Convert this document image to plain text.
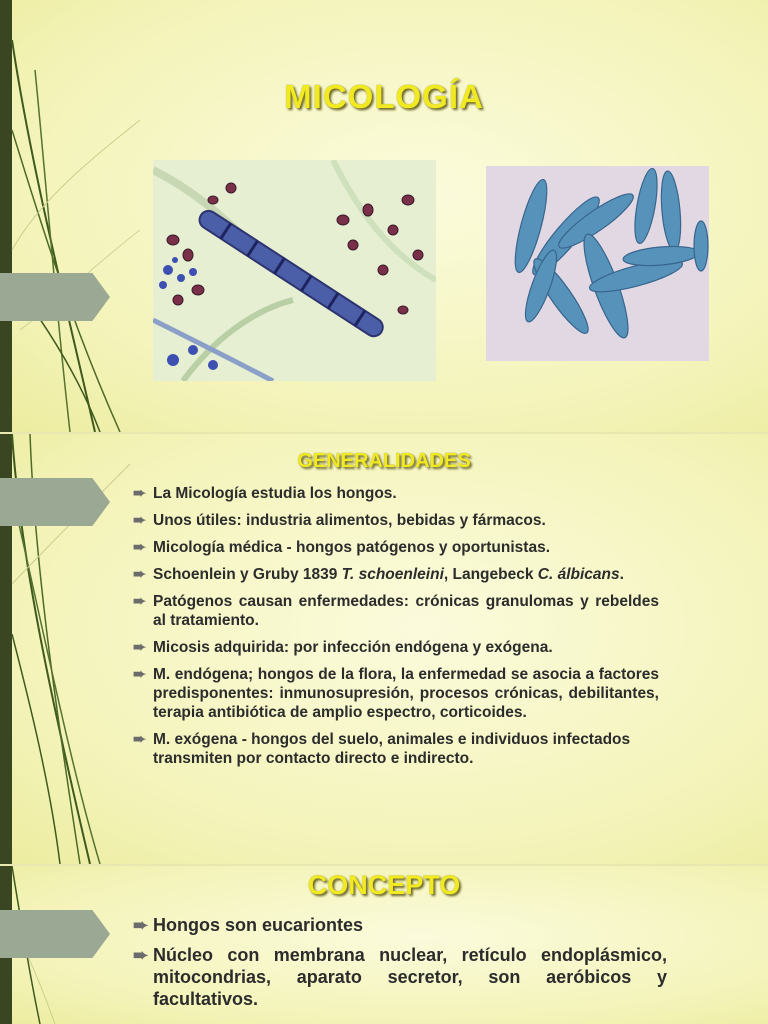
MICOLOGÍA
GENERALIDADES
➨ La Micología estudia los hongos.
➨ Unos útiles: industria alimentos, bebidas y fármacos.
➨ Micología médica - hongos patógenos y oportunistas.
➨ Schoenlein y Gruby 1839 T. schoenleini, Langebeck C. álbicans.
➨ Patógenos causan enfermedades: crónicas granulomas y rebeldes al tratamiento.
➨ Micosis adquirida: por infección endógena y exógena.
➨ M. endógena; hongos de la flora, la enfermedad se asocia a factores predisponentes: inmunosupresión, procesos crónicas, debilitantes, terapia antibiótica de amplio espectro, corticoides.
➨ M. exógena - hongos del suelo, animales e individuos infectados transmiten por contacto directo e indirecto.
CONCEPTO
➨ Hongos son eucariontes
➨ Núcleo con membrana nuclear, retículo endoplásmico, mitocondrias, aparato secretor, son aeróbicos y facultativos.
